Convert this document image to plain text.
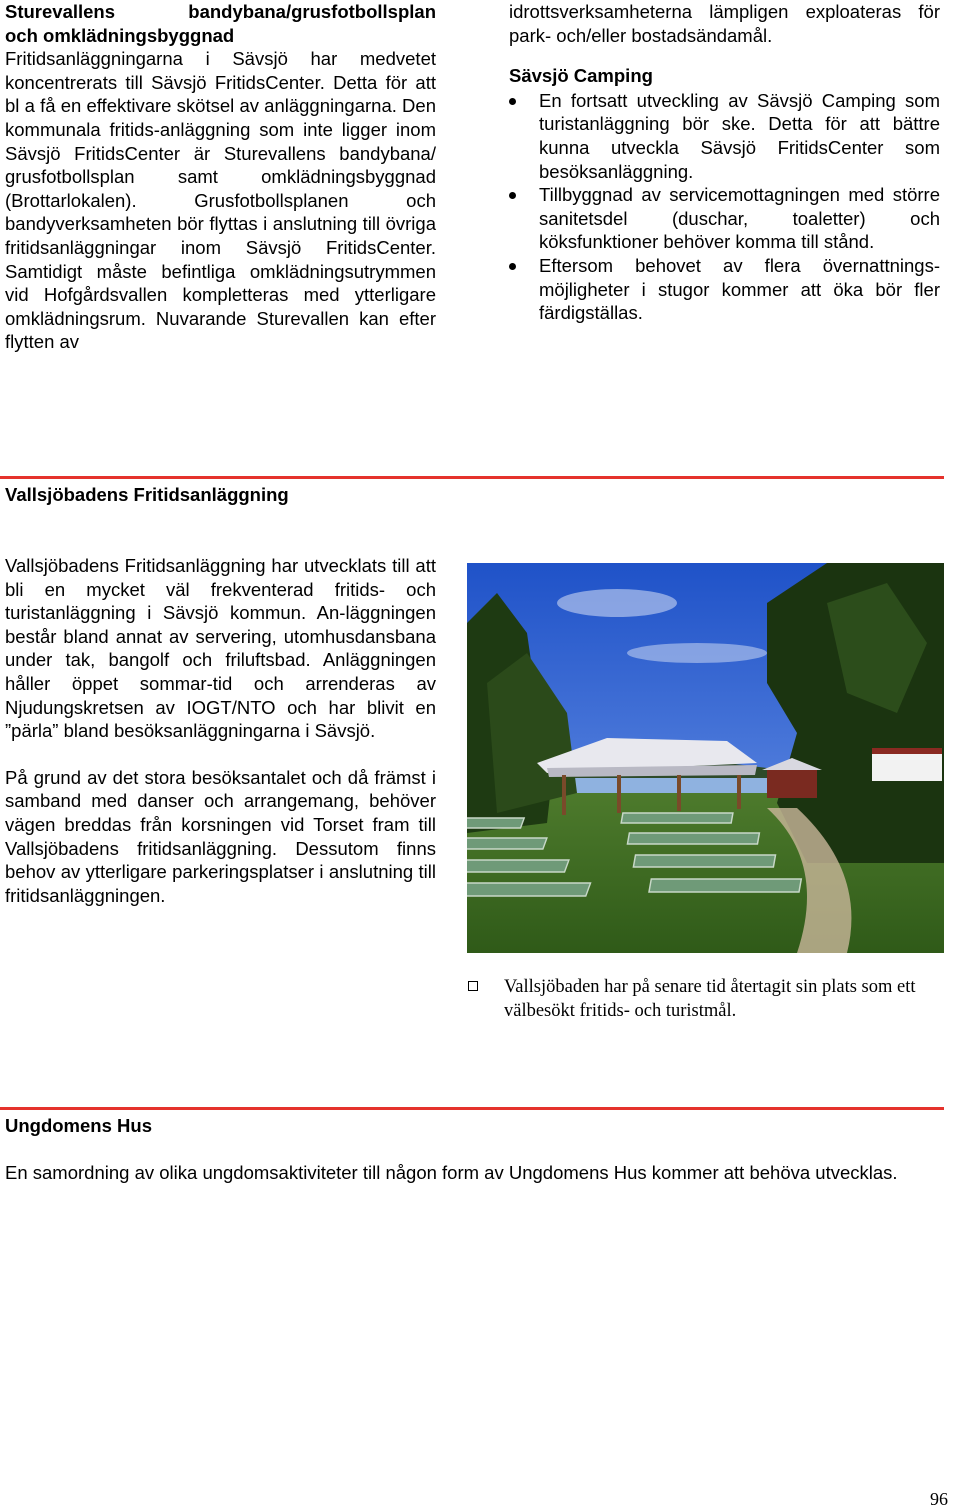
Sturevallens bandybana/grusfotbollsplan
och omklädningsbyggnad

Fritidsanläggningarna i Sävsjö har medvetet koncentrerats till Sävsjö FritidsCenter. Detta för att bl a få en effektivare skötsel av anläggningarna. Den kommunala fritids-anläggning som inte ligger inom Sävsjö FritidsCenter är Sturevallens bandybana/ grusfotbollsplan samt omklädningsbyggnad (Brottarlokalen). Grusfotbollsplanen och bandyverksamheten bör flyttas i anslutning till övriga fritidsanläggningar inom Sävsjö FritidsCenter. Samtidigt måste befintliga omklädningsutrymmen vid Hofgårdsvallen kompletteras med ytterligare omklädningsrum. Nuvarande Sturevallen kan efter flytten av

idrottsverksamheterna lämpligen exploateras för park- och/eller bostadsändamål.

Sävsjö Camping
En fortsatt utveckling av Sävsjö Camping som turistanläggning bör ske. Detta för att bättre kunna utveckla Sävsjö FritidsCenter som besöksanläggning.
Tillbyggnad av servicemottagningen med större sanitetsdel (duschar, toaletter) och köksfunktioner behöver komma till stånd.
Eftersom behovet av flera övernattnings-möjligheter i stugor kommer att öka bör fler färdigställas.
Vallsjöbadens Fritidsanläggning

Vallsjöbadens Fritidsanläggning har utvecklats till att bli en mycket väl frekventerad fritids- och turistanläggning i Sävsjö kommun. An-läggningen består bland annat av servering, utomhusdansbana under tak, bangolf och friluftsbad. Anläggningen håller öppet sommar-tid och arrenderas av Njudungskretsen av IOGT/NTO och har blivit en ”pärla” bland besöksanläggningarna i Sävsjö.

På grund av det stora besöksantalet och då främst i samband med danser och arrangemang, behöver vägen breddas från korsningen vid Torset fram till Vallsjöbadens fritidsanläggning. Dessutom finns behov av ytterligare parkeringsplatser i anslutning till fritidsanläggningen.

Vallsjöbaden har på senare tid återtagit sin plats som ett välbesökt fritids- och turistmål.
Ungdomens Hus
En samordning av olika ungdomsaktiviteter till någon form av Ungdomens Hus kommer att behöva utvecklas.
96
